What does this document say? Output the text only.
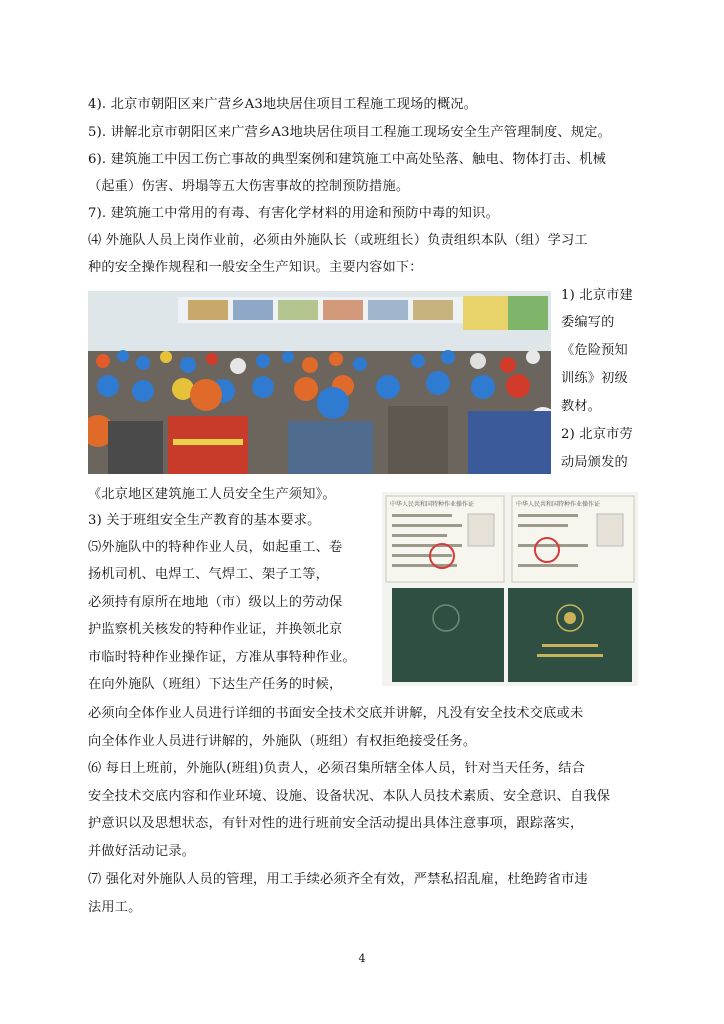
4). 北京市朝阳区来广营乡A3地块居住项目工程施工现场的概况。
5). 讲解北京市朝阳区来广营乡A3地块居住项目工程施工现场安全生产管理制度、规定。
6). 建筑施工中因工伤亡事故的典型案例和建筑施工中高处坠落、触电、物体打击、机械
（起重）伤害、坍塌等五大伤害事故的控制预防措施。
7). 建筑施工中常用的有毒、有害化学材料的用途和预防中毒的知识。
⑷ 外施队人员上岗作业前，必须由外施队长（或班组长）负责组织本队（组）学习工
种的安全操作规程和一般安全生产知识。主要内容如下：
1) 北京市建
委编写的
《危险预知
训练》初级
教材。
2) 北京市劳
动局颁发的
《北京地区建筑施工人员安全生产须知》。
3) 关于班组安全生产教育的基本要求。
⑸外施队中的特种作业人员，如起重工、卷
扬机司机、电焊工、气焊工、架子工等，
必须持有原所在地地（市）级以上的劳动保
护监察机关核发的特种作业证，并换领北京
市临时特种作业操作证，方准从事特种作业。
在向外施队（班组）下达生产任务的时候，
中华人民共和国特种作业操作证	中华人民共和国特种作业操作证
必须向全体作业人员进行详细的书面安全技术交底并讲解，凡没有安全技术交底或未
向全体作业人员进行讲解的，外施队（班组）有权拒绝接受任务。
⑹ 每日上班前，外施队(班组)负责人，必须召集所辖全体人员，针对当天任务，结合
安全技术交底内容和作业环境、设施、设备状况、本队人员技术素质、安全意识、自我保
护意识以及思想状态，有针对性的进行班前安全活动提出具体注意事项，跟踪落实，
并做好活动记录。
⑺ 强化对外施队人员的管理，用工手续必须齐全有效，严禁私招乱雇，杜绝跨省市违
法用工。
4
